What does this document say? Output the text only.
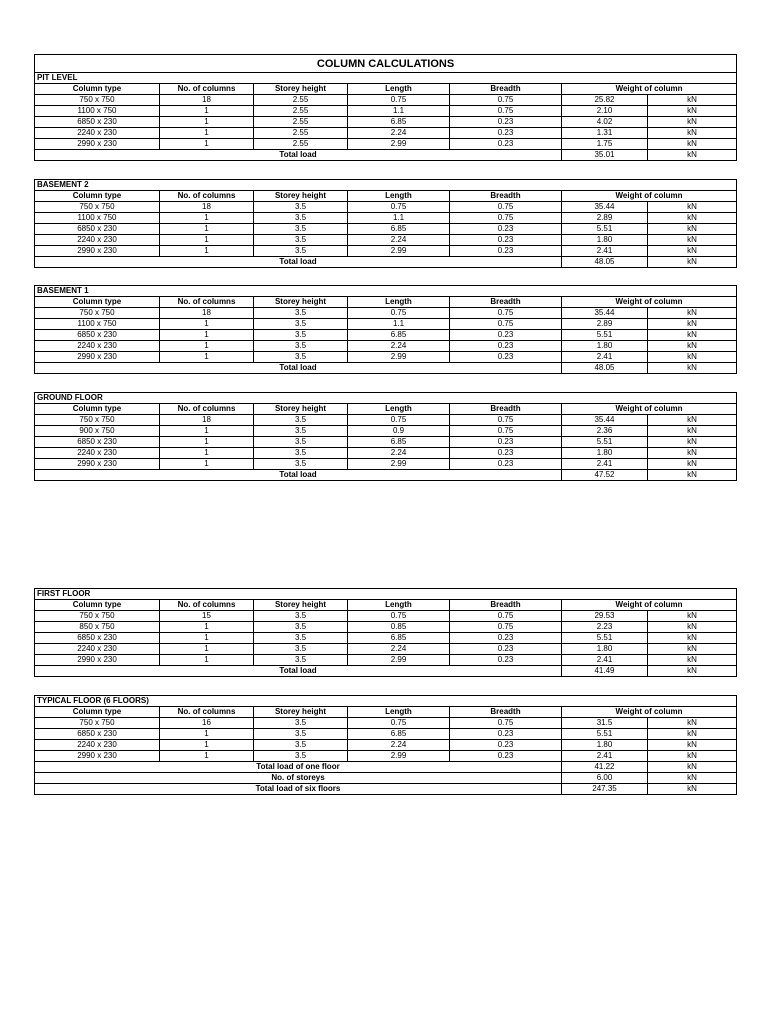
COLUMN CALCULATIONS						
PIT LEVEL						
Column type	No. of columns	Storey height	Length	Breadth	Weight of column	
750 x 750	18	2.55	0.75	0.75	25.82	kN
1100 x 750	1	2.55	1.1	0.75	2.10	kN
6850 x 230	1	2.55	6.85	0.23	4.02	kN
2240 x 230	1	2.55	2.24	0.23	1.31	kN
2990 x 230	1	2.55	2.99	0.23	1.75	kN
Total load					35.01	kN
BASEMENT 2						
Column type	No. of columns	Storey height	Length	Breadth	Weight of column	
750 x 750	18	3.5	0.75	0.75	35.44	kN
1100 x 750	1	3.5	1.1	0.75	2.89	kN
6850 x 230	1	3.5	6.85	0.23	5.51	kN
2240 x 230	1	3.5	2.24	0.23	1.80	kN
2990 x 230	1	3.5	2.99	0.23	2.41	kN
Total load					48.05	kN
BASEMENT 1						
Column type	No. of columns	Storey height	Length	Breadth	Weight of column	
750 x 750	18	3.5	0.75	0.75	35.44	kN
1100 x 750	1	3.5	1.1	0.75	2.89	kN
6850 x 230	1	3.5	6.85	0.23	5.51	kN
2240 x 230	1	3.5	2.24	0.23	1.80	kN
2990 x 230	1	3.5	2.99	0.23	2.41	kN
Total load					48.05	kN
GROUND FLOOR						
Column type	No. of columns	Storey height	Length	Breadth	Weight of column	
750 x 750	18	3.5	0.75	0.75	35.44	kN
900 x 750	1	3.5	0.9	0.75	2.36	kN
6850 x 230	1	3.5	6.85	0.23	5.51	kN
2240 x 230	1	3.5	2.24	0.23	1.80	kN
2990 x 230	1	3.5	2.99	0.23	2.41	kN
Total load					47.52	kN
FIRST FLOOR						
Column type	No. of columns	Storey height	Length	Breadth	Weight of column	
750 x 750	15	3.5	0.75	0.75	29.53	kN
850 x 750	1	3.5	0.85	0.75	2.23	kN
6850 x 230	1	3.5	6.85	0.23	5.51	kN
2240 x 230	1	3.5	2.24	0.23	1.80	kN
2990 x 230	1	3.5	2.99	0.23	2.41	kN
Total load					41.49	kN
TYPICAL FLOOR (6 FLOORS)						
Column type	No. of columns	Storey height	Length	Breadth	Weight of column	
750 x 750	16	3.5	0.75	0.75	31.5	kN
6850 x 230	1	3.5	6.85	0.23	5.51	kN
2240 x 230	1	3.5	2.24	0.23	1.80	kN
2990 x 230	1	3.5	2.99	0.23	2.41	kN
Total load of one floor					41.22	kN
No. of storeys					6.00	kN
Total load of six floors					247.35	kN
